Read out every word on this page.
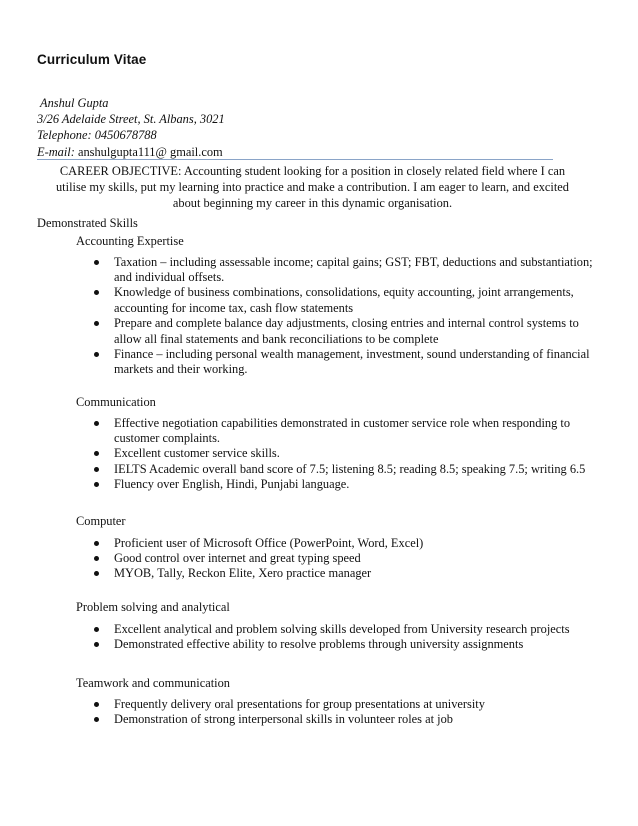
Curriculum Vitae
Anshul Gupta
3/26 Adelaide Street, St. Albans, 3021
Telephone: 0450678788
E-mail: anshulgupta111@ gmail.com
CAREER OBJECTIVE: Accounting student looking for a position in closely related field where I can utilise my skills, put my learning into practice and make a contribution. I am eager to learn, and excited about beginning my career in this dynamic organisation.
Demonstrated Skills
Accounting Expertise
Taxation – including assessable income; capital gains; GST; FBT, deductions and substantiation; and individual offsets.
Knowledge of business combinations, consolidations, equity accounting, joint arrangements, accounting for income tax, cash flow statements
Prepare and complete balance day adjustments, closing entries and internal control systems to allow all final statements and bank reconciliations to be complete
Finance – including personal wealth management, investment, sound understanding of financial markets and their working.
Communication
Effective negotiation capabilities demonstrated in customer service role when responding to customer complaints.
Excellent customer service skills.
IELTS Academic overall band score of 7.5; listening 8.5; reading 8.5; speaking 7.5; writing 6.5
Fluency over English, Hindi, Punjabi language.
Computer
Proficient user of Microsoft Office (PowerPoint, Word, Excel)
Good control over internet and great typing speed
MYOB, Tally, Reckon Elite, Xero practice manager
Problem solving and analytical
Excellent analytical and problem solving skills developed from University research projects
Demonstrated effective ability to resolve problems through university assignments
Teamwork and communication
Frequently delivery oral presentations for group presentations at university
Demonstration of strong interpersonal skills in volunteer roles at job
